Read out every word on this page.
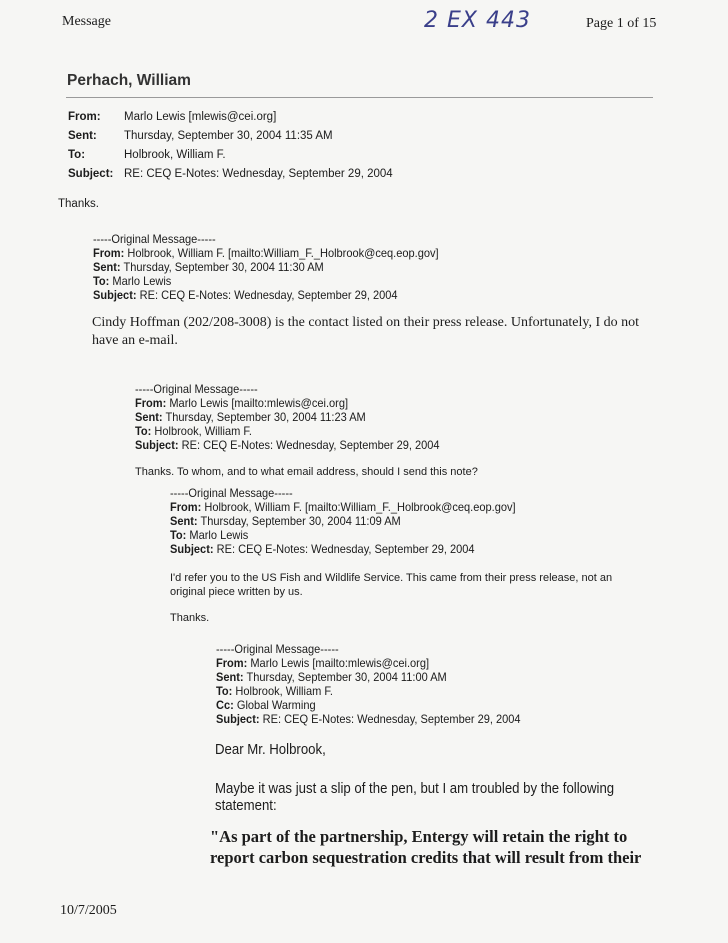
Message	2 EX 443	Page 1 of 15
Perhach, William
From: Marlo Lewis [mlewis@cei.org]
Sent: Thursday, September 30, 2004 11:35 AM
To:	Holbrook, William F.
Subject: RE: CEQ E-Notes: Wednesday, September 29, 2004
Thanks.
-----Original Message-----
From: Holbrook, William F. [mailto:William_F._Holbrook@ceq.eop.gov]
Sent: Thursday, September 30, 2004 11:30 AM
To: Marlo Lewis
Subject: RE: CEQ E-Notes: Wednesday, September 29, 2004
Cindy Hoffman (202/208-3008) is the contact listed on their press release. Unfortunately, I do not
have an e-mail.
-----Original Message-----
From: Marlo Lewis [mailto:mlewis@cei.org]
Sent: Thursday, September 30, 2004 11:23 AM
To: Holbrook, William F.
Subject: RE: CEQ E-Notes: Wednesday, September 29, 2004
Thanks. To whom, and to what email address, should I send this note?
-----Original Message-----
From: Holbrook, William F. [mailto:William_F._Holbrook@ceq.eop.gov]
Sent: Thursday, September 30, 2004 11:09 AM
To: Marlo Lewis
Subject: RE: CEQ E-Notes: Wednesday, September 29, 2004
I'd refer you to the US Fish and Wildlife Service. This came from their press release, not an
original piece written by us.
Thanks.
-----Original Message-----
From: Marlo Lewis [mailto:mlewis@cei.org]
Sent: Thursday, September 30, 2004 11:00 AM
To: Holbrook, William F.
Cc: Global Warming
Subject: RE: CEQ E-Notes: Wednesday, September 29, 2004
Dear Mr. Holbrook,
Maybe it was just a slip of the pen, but I am troubled by the following
statement:
"As part of the partnership, Entergy will retain the right to
report carbon sequestration credits that will result from their
10/7/2005
